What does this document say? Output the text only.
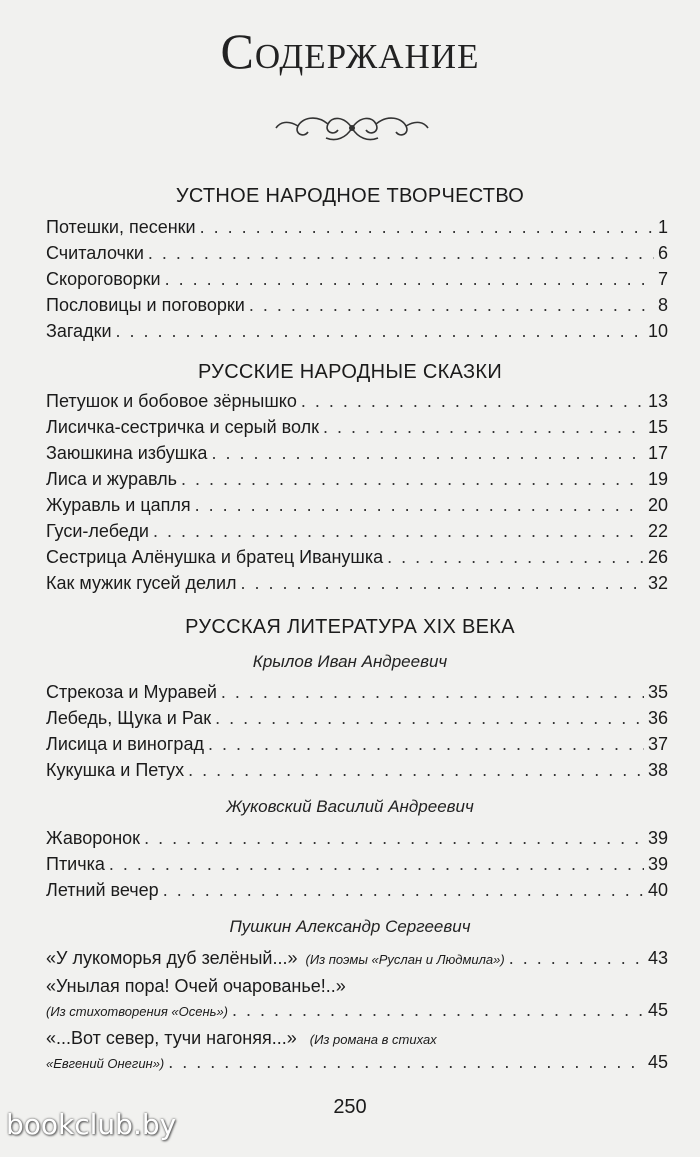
Содержание
УСТНОЕ НАРОДНОЕ ТВОРЧЕСТВО
Потешки, песенки . . .	1
Считалочки . . .	6
Скороговорки . . .	7
Пословицы и поговорки . . .	8
Загадки . . .	10
РУССКИЕ НАРОДНЫЕ СКАЗКИ
Петушок и бобовое зёрнышко . . .	13
Лисичка-сестричка и серый волк . . .	15
Заюшкина избушка . . .	17
Лиса и журавль . . .	19
Журавль и цапля . . .	20
Гуси-лебеди . . .	22
Сестрица Алёнушка и братец Иванушка . . .	26
Как мужик гусей делил . . .	32
РУССКАЯ ЛИТЕРАТУРА XIX ВЕКА
Крылов Иван Андреевич
Стрекоза и Муравей . . .	35
Лебедь, Щука и Рак . . .	36
Лисица и виноград . . .	37
Кукушка и Петух . . .	38
Жуковский Василий Андреевич
Жаворонок . . .	39
Птичка . . .	39
Летний вечер . . .	40
Пушкин Александр Сергеевич
«У лукоморья дуб зелёный...» (Из поэмы «Руслан и Людмила») . . .	43
«Унылая пора! Очей очарованье!..»
(Из стихотворения «Осень») . . .	45
«...Вот север, тучи нагоняя...» (Из романа в стихах
«Евгений Онегин») . . .	45
250
bookclub.by
